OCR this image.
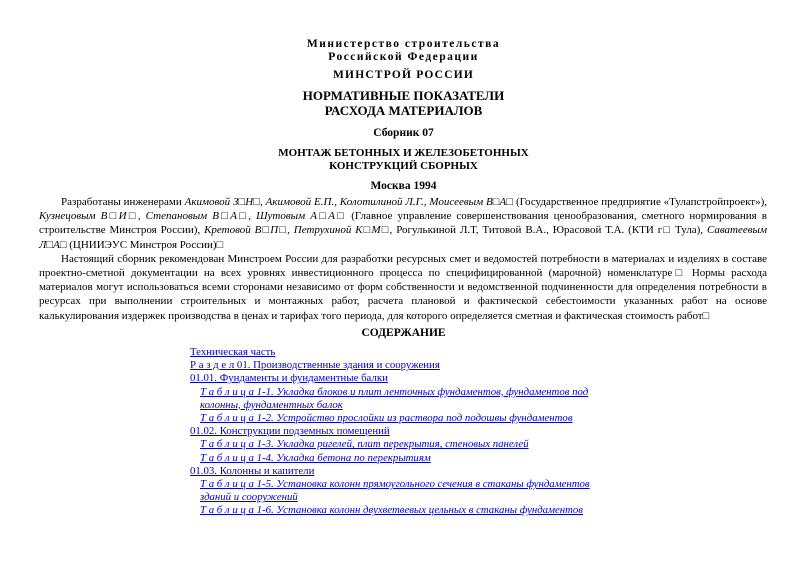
Министерство строительства
Российской Федерации
МИНСТРОЙ РОССИИ
НОРМАТИВНЫЕ ПОКАЗАТЕЛИ
РАСХОДА МАТЕРИАЛОВ
Сборник 07
МОНТАЖ БЕТОННЫХ И ЖЕЛЕЗОБЕТОННЫХ
КОНСТРУКЦИЙ СБОРНЫХ
Москва 1994

Разработаны инженерами Акимовой З□Н□, Акимовой Е.П., Колотилиной Л.Г., Моисеевым В□А□ (Государственное предприятие «Тулапстройпроект»), Кузнецовым В□И□, Степановым В□А□, Шутовым А□А□ (Главное управление совершенствования ценообразования, сметного нормирования в строительстве Минстроя России), Кретовой В□П□, Петрухиной К□М□, Рогулькиной Л.Т, Титовой В.А., Юрасовой Т.А. (КТИ г□ Тула), Саватеевым Л□А□ (ЦНИИЭУС Минстроя России)□

Настоящий сборник рекомендован Минстроем России для разработки ресурсных смет и ведомостей потребности в материалах и изделиях в составе проектно-сметной документации на всех уровнях инвестиционного процесса по специфицированной (марочной) номенклатуре□ Нормы расхода материалов могут использоваться всеми сторонами независимо от форм собственности и ведомственной подчиненности для определения потребности в ресурсах при выполнении строительных и монтажных работ, расчета плановой и фактической себестоимости указанных работ на основе калькулирования издержек производства в ценах и тарифах того периода, для которого определяется сметная и фактическая стоимость работ□

СОДЕРЖАНИЕ
Техническая часть
Р а з д е л 01. Производственные здания и сооружения
01.01. Фундаменты и фундаментные балки
Т а б л и ц а 1-1. Укладка блоков и плит ленточных фундаментов, фундаментов под колонны, фундаментных балок
Т а б л и ц а 1-2. Устройство прослойки из раствора под подошвы фундаментов
01.02. Конструкции подземных помещений
Т а б л и ц а 1-3. Укладка ригелей, плит перекрытия, стеновых панелей
Т а б л и ц а 1-4. Укладка бетона по перекрытиям
01.03. Колонны и капители
Т а б л и ц а 1-5. Установка колонн прямоугольного сечения в стаканы фундаментов зданий и сооружений
Т а б л и ц а 1-6. Установка колонн двухветвевых цельных в стаканы фундаментов
